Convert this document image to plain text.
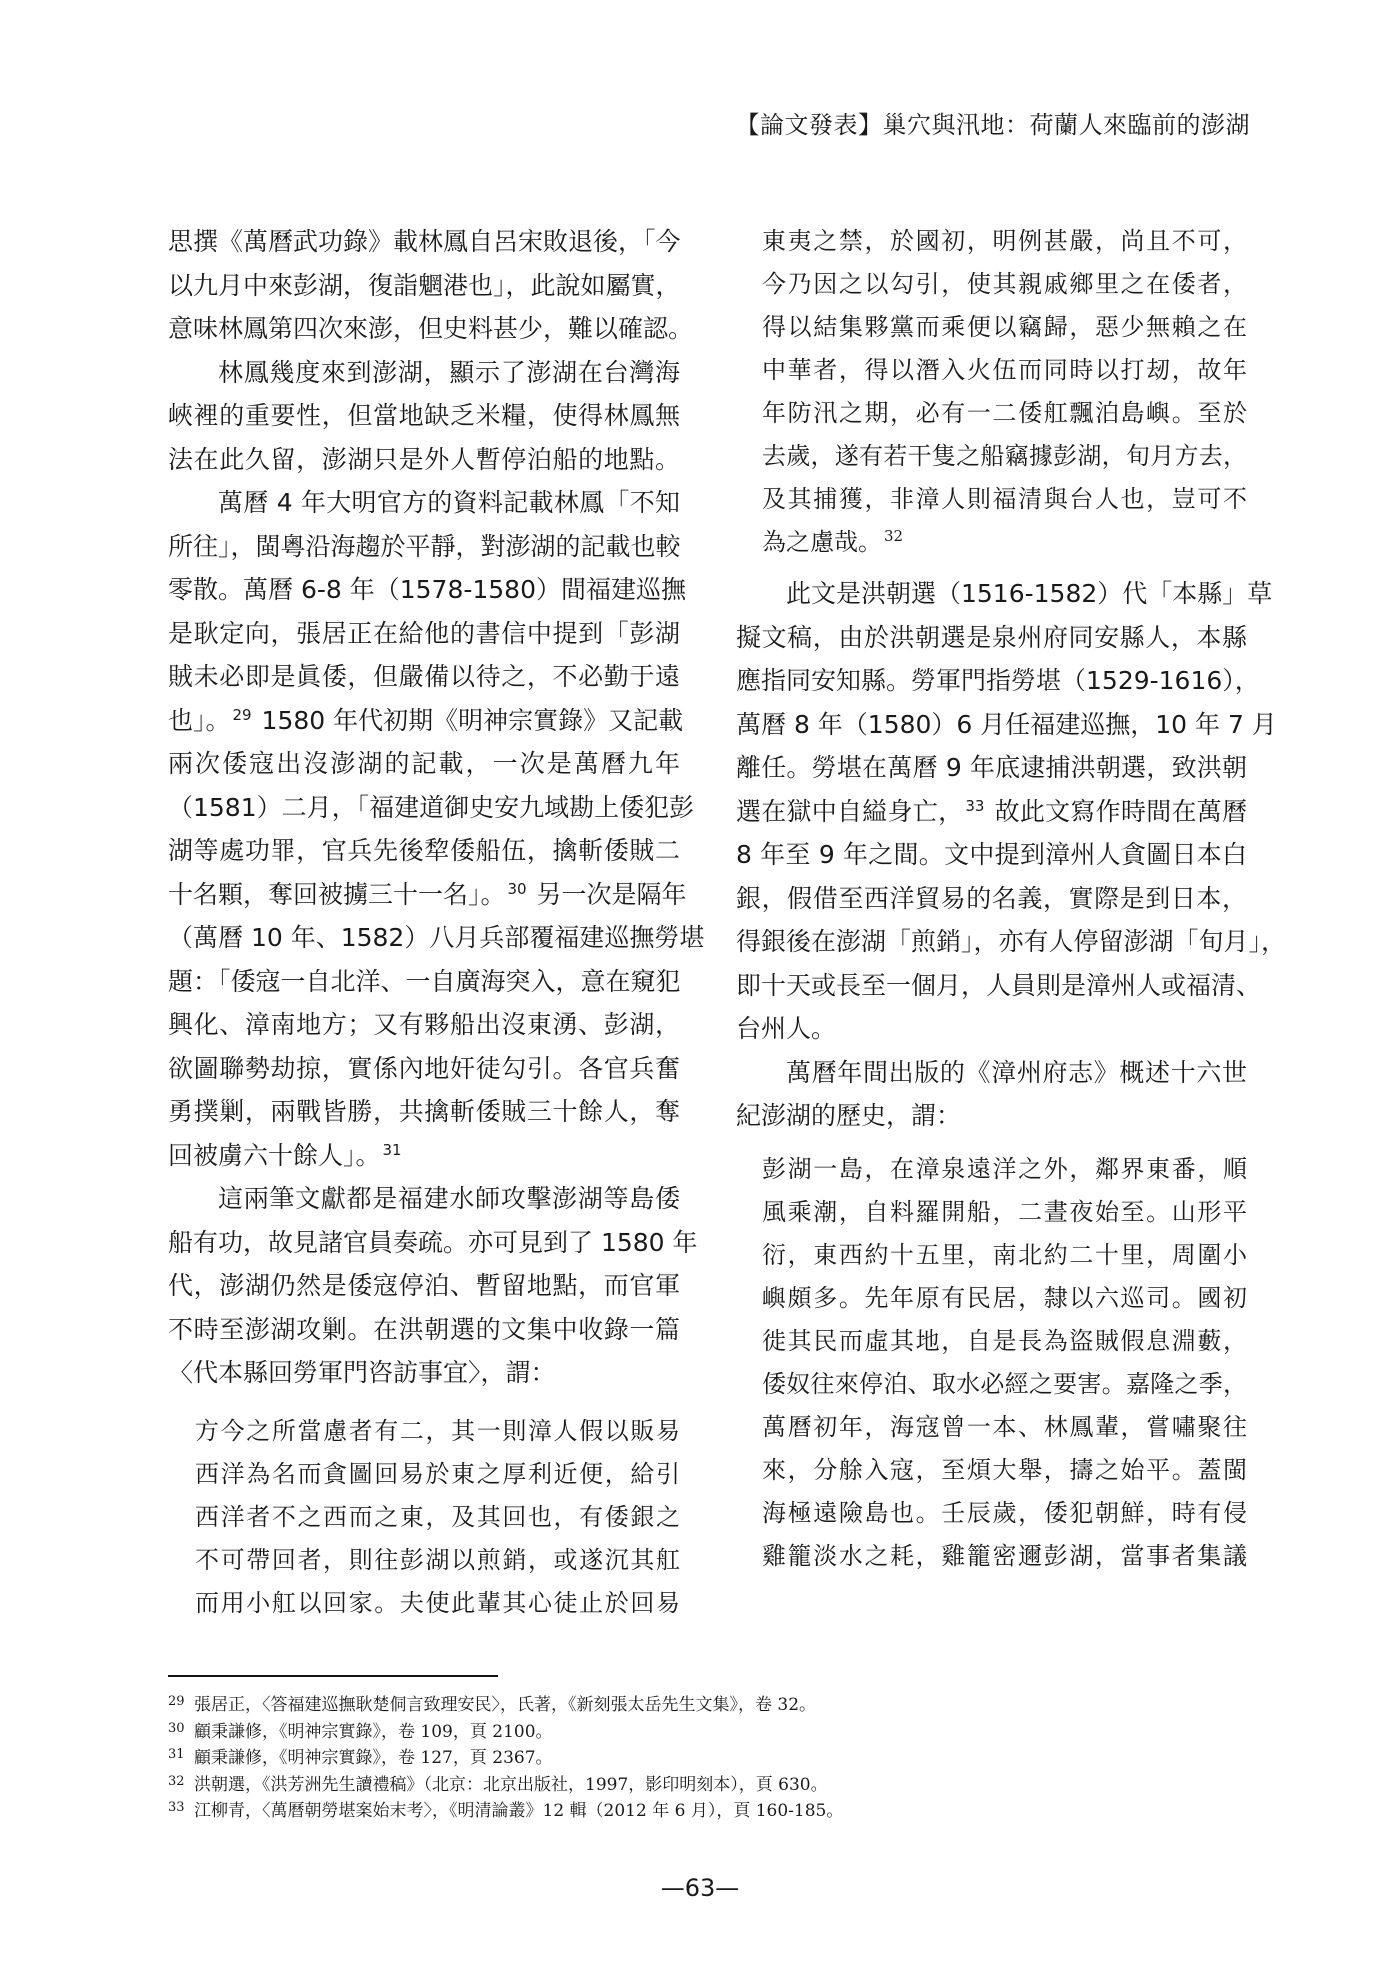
【論文發表】巢穴與汛地：荷蘭人來臨前的澎湖
思撰《萬曆武功錄》載林鳳自呂宋敗退後，「今
以九月中來彭湖，復詣魍港也」，此說如屬實，
意味林鳳第四次來澎，但史料甚少，難以確認。
林鳳幾度來到澎湖，顯示了澎湖在台灣海
峽裡的重要性，但當地缺乏米糧，使得林鳳無
法在此久留，澎湖只是外人暫停泊船的地點。
萬曆 4 年大明官方的資料記載林鳳「不知
所往」，閩粵沿海趨於平靜，對澎湖的記載也較
零散。萬曆 6-8 年（1578-1580）間福建巡撫
是耿定向，張居正在給他的書信中提到「彭湖
賊未必即是眞倭，但嚴備以待之，不必勤于遠
也」。 $^{29}$ 1580 年代初期《明神宗實錄》又記載
兩次倭寇出沒澎湖的記載，一次是萬曆九年
（1581）二月，「福建道御史安九域勘上倭犯彭
湖等處功罪，官兵先後犂倭船伍，擒斬倭賊二
十名顆，奪回被擄三十一名」。 $^{30}$ 另一次是隔年
（萬曆 10 年、1582）八月兵部覆福建巡撫勞堪
題：「倭寇一自北洋、一自廣海突入，意在窺犯
興化、漳南地方；又有夥船出沒東湧、彭湖，
欲圖聯勢劫掠，實係內地奸徒勾引。各官兵奮
勇撲剿，兩戰皆勝，共擒斬倭賊三十餘人，奪
回被虜六十餘人」。 $^{31}$
這兩筆文獻都是福建水師攻擊澎湖等島倭
船有功，故見諸官員奏疏。亦可見到了 1580 年
代，澎湖仍然是倭寇停泊、暫留地點，而官軍
不時至澎湖攻剿。在洪朝選的文集中收錄一篇
〈代本縣回勞軍門咨訪事宜〉，謂：
方今之所當慮者有二，其一則漳人假以販易
西洋為名而貪圖回易於東之厚利近便，給引
西洋者不之西而之東，及其回也，有倭銀之
不可帶回者，則往彭湖以煎銷，或遂沉其舡
而用小舡以回家。夫使此輩其心徒止於回易
東夷之禁，於國初，明例甚嚴，尚且不可，
今乃因之以勾引，使其親戚鄉里之在倭者，
得以結集夥黨而乘便以竊歸，惡少無賴之在
中華者，得以潛入火伍而同時以打刼，故年
年防汛之期，必有一二倭舡飄泊島嶼。至於
去歲，遂有若干隻之船竊據彭湖，旬月方去，
及其捕獲，非漳人則福清與台人也，豈可不
為之慮哉。 $^{32}$
此文是洪朝選（1516-1582）代「本縣」草
擬文稿，由於洪朝選是泉州府同安縣人，本縣
應指同安知縣。勞軍門指勞堪（1529-1616），
萬曆 8 年（1580）6 月任福建巡撫，10 年 7 月
離任。勞堪在萬曆 9 年底逮捕洪朝選，致洪朝
選在獄中自縊身亡， $^{33}$ 故此文寫作時間在萬曆
8 年至 9 年之間。文中提到漳州人貪圖日本白
銀，假借至西洋貿易的名義，實際是到日本，
得銀後在澎湖「煎銷」，亦有人停留澎湖「旬月」，
即十天或長至一個月，人員則是漳州人或福清、
台州人。
萬曆年間出版的《漳州府志》概述十六世
紀澎湖的歷史，謂：
彭湖一島，在漳泉遠洋之外，鄰界東番，順
風乘潮，自料羅開船，二晝夜始至。山形平
衍，東西約十五里，南北約二十里，周圍小
嶼頗多。先年原有民居，隸以六巡司。國初
徙其民而虛其地，自是長為盜賊假息淵藪，
倭奴往來停泊、取水必經之要害。嘉隆之季，
萬曆初年，海寇曾一本、林鳳輩，嘗嘯聚往
來，分艅入寇，至煩大舉，擣之始平。蓋閩
海極遠險島也。壬辰歲，倭犯朝鮮，時有侵
雞籠淡水之耗，雞籠密邇彭湖，當事者集議
29 張居正，〈答福建巡撫耿楚侗言致理安民〉，氏著，《新刻張太岳先生文集》，卷 32。
30 顧秉謙修，《明神宗實錄》，卷 109，頁 2100。
31 顧秉謙修，《明神宗實錄》，卷 127，頁 2367。
32 洪朝選，《洪芳洲先生讀禮稿》（北京：北京出版社，1997，影印明刻本），頁 630。
33 江柳青，〈萬曆朝勞堪案始末考〉，《明清論叢》12 輯（2012 年 6 月），頁 160-185。
—63—
